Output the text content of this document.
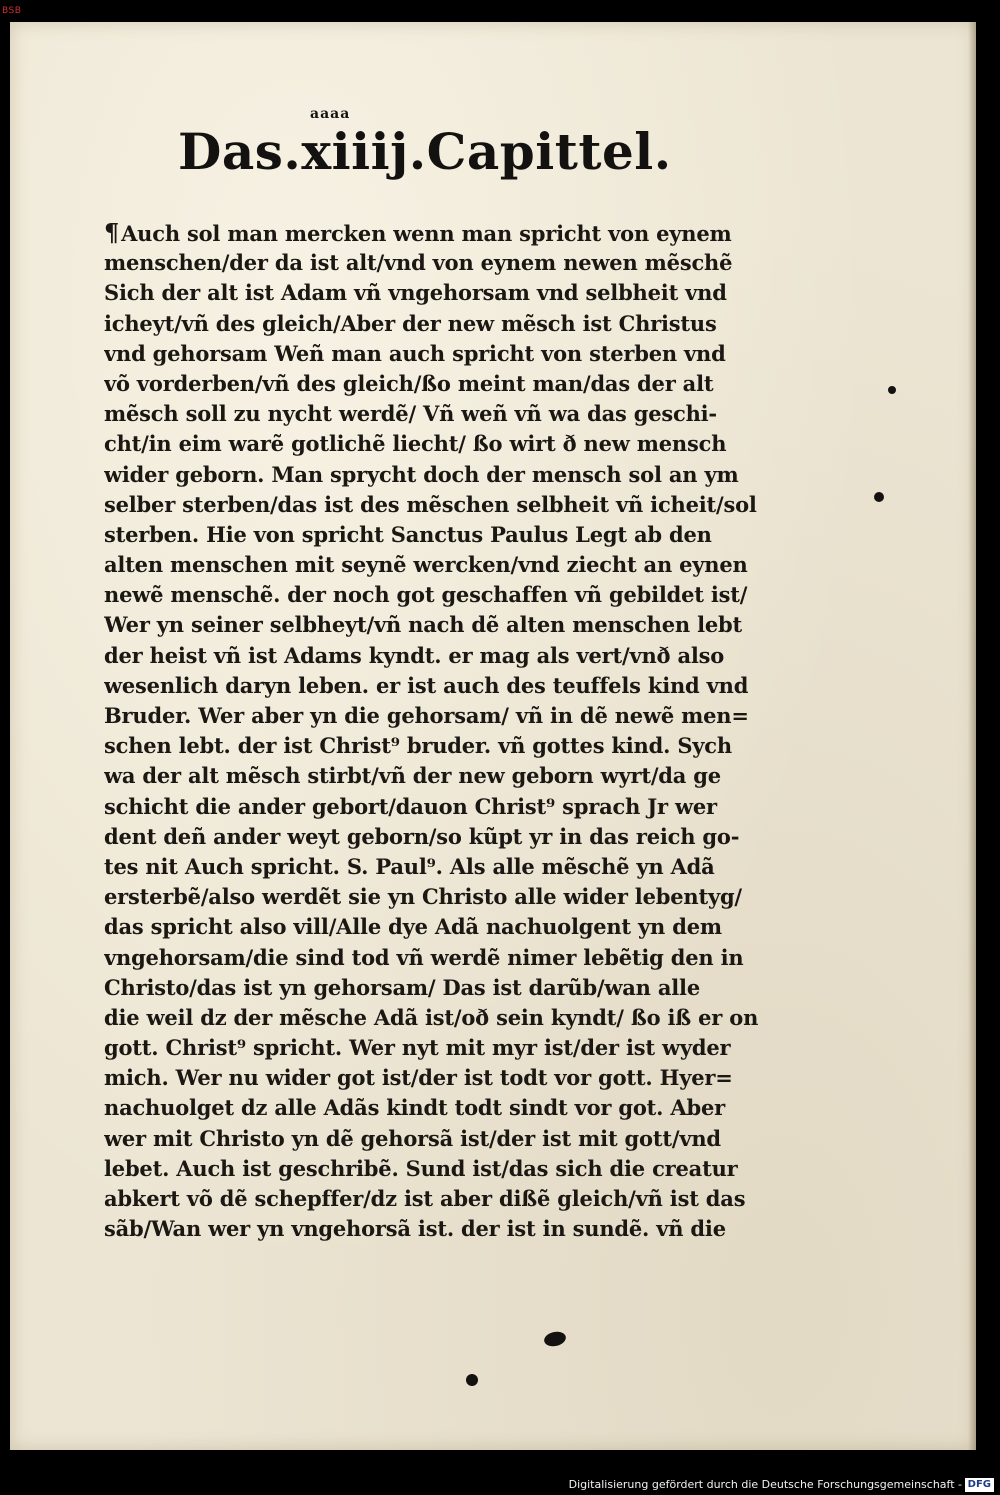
BSB
aaaa
Das.xiiij.Capittel.
¶Auch sol man mercken wenn man spricht von eynem
menschen/der da ist alt/vnd von eynem newen mẽschẽ
Sich der alt ist Adam vñ vngehorsam vnd selbheit vnd
icheyt/vñ des gleich/Aber der new mẽsch ist Christus
vnd gehorsam Weñ man auch spricht von sterben vnd
võ vorderben/vñ des gleich/ßo meint man/das der alt
mẽsch soll zu nycht werdẽ/ Vñ weñ vñ wa das geschi-
cht/in eim warẽ gotlichẽ liecht/ ßo wirt ð new mensch
wider geborn. Man sprycht doch der mensch sol an ym
selber sterben/das ist des mẽschen selbheit vñ icheit/sol
sterben. Hie von spricht Sanctus Paulus Legt ab den
alten menschen mit seynẽ wercken/vnd ziecht an eynen
newẽ menschẽ. der noch got geschaffen vñ gebildet ist/
Wer yn seiner selbheyt/vñ nach dẽ alten menschen lebt
der heist vñ ist Adams kyndt. er mag als vert/vnð also
wesenlich daryn leben. er ist auch des teuffels kind vnd
Bruder. Wer aber yn die gehorsam/ vñ in dẽ newẽ men=
schen lebt. der ist Christ⁹ bruder. vñ gottes kind. Sych
wa der alt mẽsch stirbt/vñ der new geborn wyrt/da ge
schicht die ander gebort/dauon Christ⁹ sprach Jr wer
dent deñ ander weyt geborn/so kũpt yr in das reich go-
tes nit Auch spricht. S. Paul⁹. Als alle mẽschẽ yn Adã
ersterbẽ/also werdẽt sie yn Christo alle wider lebentyg/
das spricht also vill/Alle dye Adã nachuolgent yn dem
vngehorsam/die sind tod vñ werdẽ nimer lebẽtig den in
Christo/das ist yn gehorsam/ Das ist darũb/wan alle
die weil dz der mẽsche Adã ist/oð sein kyndt/ ßo iß er on
gott. Christ⁹ spricht. Wer nyt mit myr ist/der ist wyder
mich. Wer nu wider got ist/der ist todt vor gott. Hyer=
nachuolget dz alle Adãs kindt todt sindt vor got. Aber
wer mit Christo yn dẽ gehorsã ist/der ist mit gott/vnd
lebet. Auch ist geschribẽ. Sund ist/das sich die creatur
abkert võ dẽ schepffer/dz ist aber dißẽ gleich/vñ ist das
sãb/Wan wer yn vngehorsã ist. der ist in sundẽ. vñ die
Digitalisierung gefördert durch die Deutsche Forschungsgemeinschaft - DFG
